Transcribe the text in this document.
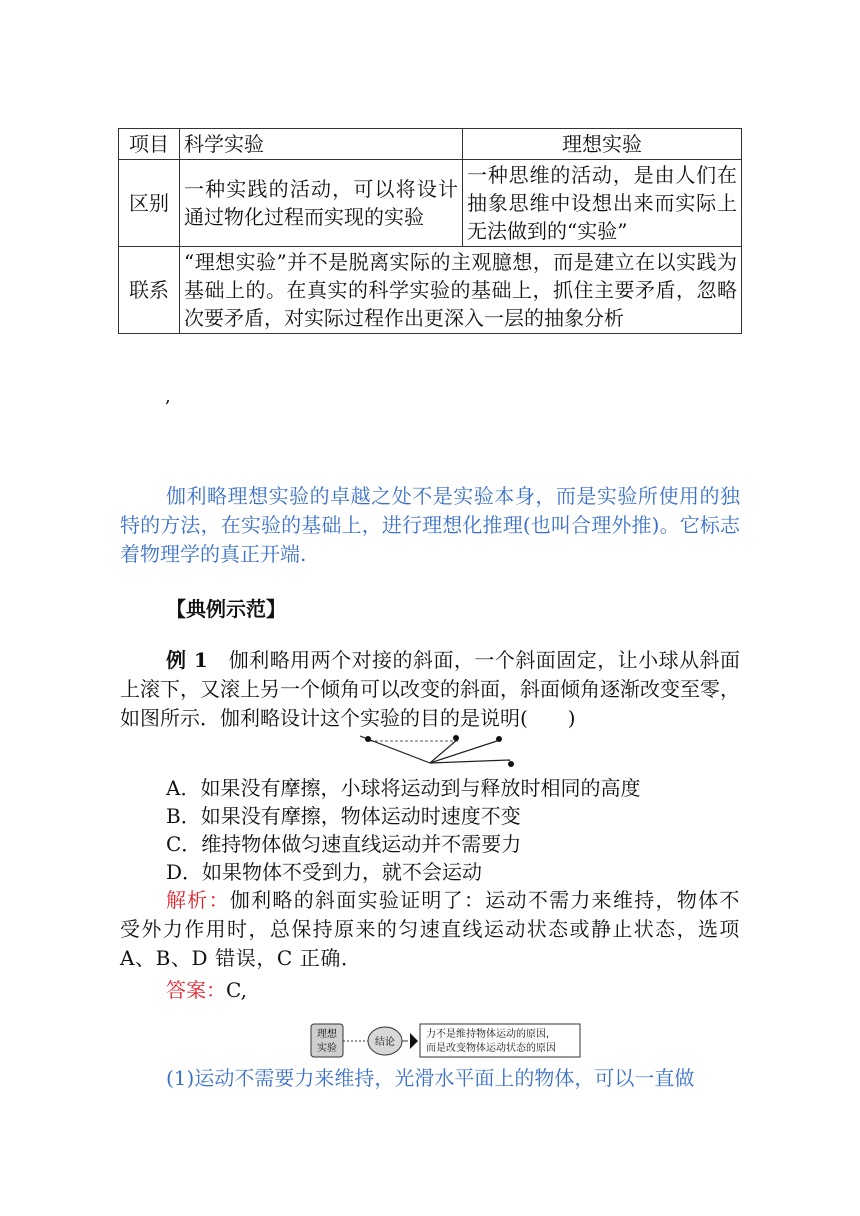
项目	科学实验	理想实验
区别	一种实践的活动，可以将设计通过物化过程而实现的实验	一种思维的活动，是由人们在抽象思维中设想出来而实际上无法做到的“实验”
联系	“理想实验”并不是脱离实际的主观臆想，而是建立在以实践为基础上的。在真实的科学实验的基础上，抓住主要矛盾，忽略次要矛盾，对实际过程作出更深入一层的抽象分析	
,
伽利略理想实验的卓越之处不是实验本身，而是实验所使用的独特的方法，在实验的基础上，进行理想化推理(也叫合理外推)。它标志着物理学的真正开端.
【典例示范】
例 1　 伽利略用两个对接的斜面，一个斜面固定，让小球从斜面上滚下，又滚上另一个倾角可以改变的斜面，斜面倾角逐渐改变至零，如图所示．伽利略设计这个实验的目的是说明(　　)
A．如果没有摩擦，小球将运动到与释放时相同的高度
B．如果没有摩擦，物体运动时速度不变
C．维持物体做匀速直线运动并不需要力
D．如果物体不受到力，就不会运动
解析：伽利略的斜面实验证明了：运动不需力来维持，物体不受外力作用时，总保持原来的匀速直线运动状态或静止状态，选项 A、B、D 错误，C 正确．
答案：C,
理想
实验
结论
力不是维持物体运动的原因,
而是改变物体运动状态的原因
(1)运动不需要力来维持，光滑水平面上的物体，可以一直做
